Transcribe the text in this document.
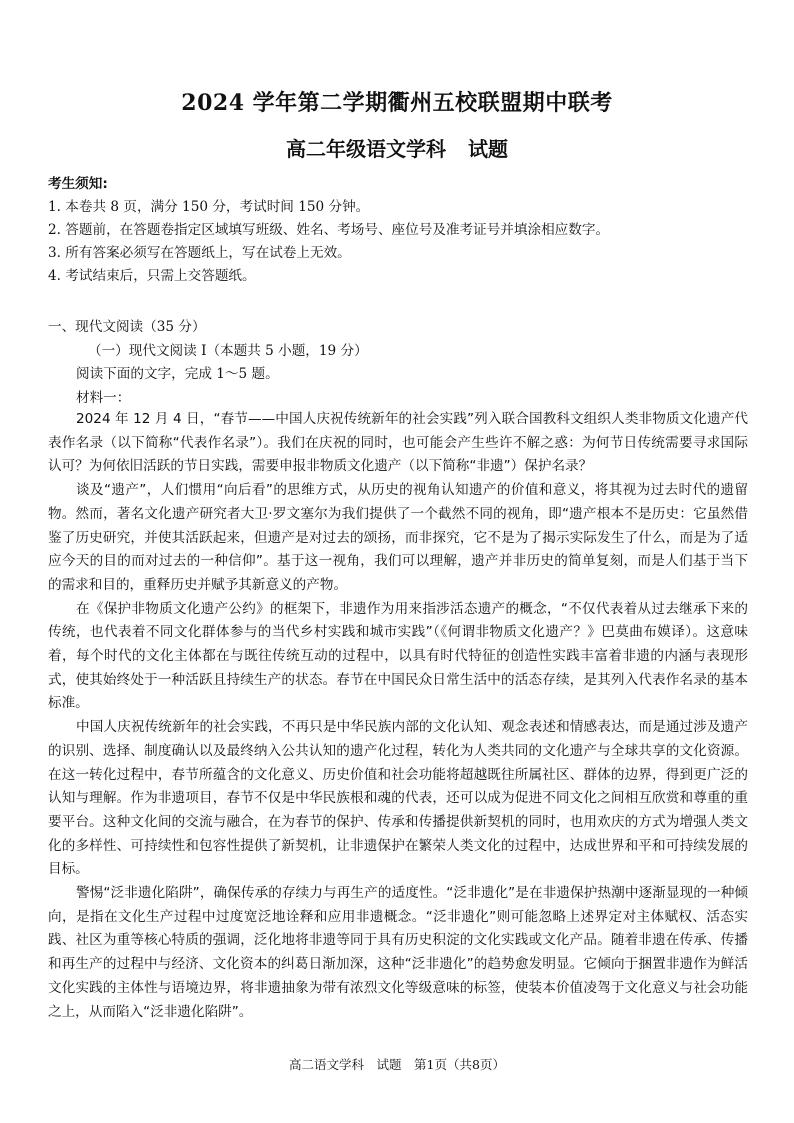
2024 学年第二学期衢州五校联盟期中联考
高二年级语文学科 试题
考生须知:
1. 本卷共 8 页，满分 150 分，考试时间 150 分钟。
2. 答题前，在答题卷指定区域填写班级、姓名、考场号、座位号及准考证号并填涂相应数字。
3. 所有答案必须写在答题纸上，写在试卷上无效。
4. 考试结束后，只需上交答题纸。
一、现代文阅读（35 分）
（一）现代文阅读 I（本题共 5 小题，19 分）
阅读下面的文字，完成 1～5 题。
材料一：

2024 年 12 月 4 日，“春节——中国人庆祝传统新年的社会实践”列入联合国教科文组织人类非物质文化遗产代表作名录（以下简称“代表作名录”）。我们在庆祝的同时，也可能会产生些许不解之惑：为何节日传统需要寻求国际认可？为何依旧活跃的节日实践，需要申报非物质文化遗产（以下简称“非遗”）保护名录？

谈及“遗产”，人们惯用“向后看”的思维方式，从历史的视角认知遗产的价值和意义，将其视为过去时代的遗留物。然而，著名文化遗产研究者大卫·罗文塞尔为我们提供了一个截然不同的视角，即“遗产根本不是历史：它虽然借鉴了历史研究，并使其活跃起来，但遗产是对过去的颂扬，而非探究，它不是为了揭示实际发生了什么，而是为了适应今天的目的而对过去的一种信仰”。基于这一视角，我们可以理解，遗产并非历史的简单复刻，而是人们基于当下的需求和目的，重释历史并赋予其新意义的产物。

在《保护非物质文化遗产公约》的框架下，非遗作为用来指涉活态遗产的概念，“不仅代表着从过去继承下来的传统，也代表着不同文化群体参与的当代乡村实践和城市实践”（《何谓非物质文化遗产？》巴莫曲布嫫译）。这意味着，每个时代的文化主体都在与既往传统互动的过程中，以具有时代特征的创造性实践丰富着非遗的内涵与表现形式，使其始终处于一种活跃且持续生产的状态。春节在中国民众日常生活中的活态存续，是其列入代表作名录的基本标准。

中国人庆祝传统新年的社会实践，不再只是中华民族内部的文化认知、观念表述和情感表达，而是通过涉及遗产的识别、选择、制度确认以及最终纳入公共认知的遗产化过程，转化为人类共同的文化遗产与全球共享的文化资源。在这一转化过程中，春节所蕴含的文化意义、历史价值和社会功能将超越既往所属社区、群体的边界，得到更广泛的认知与理解。作为非遗项目，春节不仅是中华民族根和魂的代表，还可以成为促进不同文化之间相互欣赏和尊重的重要平台。这种文化间的交流与融合，在为春节的保护、传承和传播提供新契机的同时，也用欢庆的方式为增强人类文化的多样性、可持续性和包容性提供了新契机，让非遗保护在繁荣人类文化的过程中，达成世界和平和可持续发展的目标。

警惕“泛非遗化陷阱”，确保传承的存续力与再生产的适度性。“泛非遗化”是在非遗保护热潮中逐渐显现的一种倾向，是指在文化生产过程中过度宽泛地诠释和应用非遗概念。“泛非遗化”则可能忽略上述界定对主体赋权、活态实践、社区为重等核心特质的强调，泛化地将非遗等同于具有历史积淀的文化实践或文化产品。随着非遗在传承、传播和再生产的过程中与经济、文化资本的纠葛日渐加深，这种“泛非遗化”的趋势愈发明显。它倾向于捆置非遗作为鲜活文化实践的主体性与语境边界，将非遗抽象为带有浓烈文化等级意味的标签，使装本价值凌驾于文化意义与社会功能之上，从而陷入“泛非遗化陷阱”。

高二语文学科　试题　第1页（共8页）
